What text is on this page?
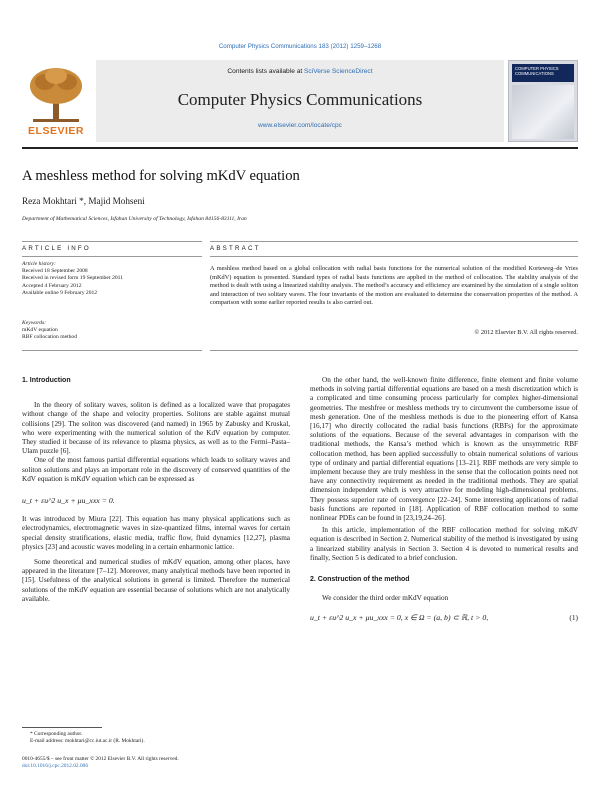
Computer Physics Communications 183 (2012) 1259–1268
ELSEVIER
Contents lists available at SciVerse ScienceDirect
Computer Physics Communications
www.elsevier.com/locate/cpc
COMPUTER PHYSICS COMMUNICATIONS
A meshless method for solving mKdV equation
Reza Mokhtari *, Majid Mohseni
Department of Mathematical Sciences, Isfahan University of Technology, Isfahan 84156-83111, Iran
ARTICLE INFO
Article history:
Received 18 September 2008
Received in revised form 19 September 2011
Accepted 4 February 2012
Available online 9 February 2012
Keywords:
mKdV equation
RBF collocation method
ABSTRACT
A meshless method based on a global collocation with radial basis functions for the numerical solution of the modified Korteweg–de Vries (mKdV) equation is presented. Standard types of radial basis functions are applied in the method of collocation. The stability analysis of the method is dealt with using a linearized stability analysis. The method’s accuracy and efficiency are examined by the simulation of a single soliton and interaction of two solitary waves. The four invariants of the motion are evaluated to determine the conservation properties of the method. A comparison with some earlier reported results is also carried out.
© 2012 Elsevier B.V. All rights reserved.
1. Introduction

In the theory of solitary waves, soliton is defined as a localized wave that propagates without change of the shape and velocity properties. Solitons are stable against mutual collisions [29]. The soliton was discovered (and named) in 1965 by Zabusky and Kruskal, who were experimenting with the numerical solution of the KdV equation by computer. They studied it because of its relevance to plasma physics, as well as to the Fermi–Pasta–Ulam puzzle [6].

One of the most famous partial differential equations which leads to solitary waves and soliton solutions and plays an important role in the discovery of conserved quantities of the KdV equation is mKdV equation which can be expressed as

u_t + εu^2 u_x + μu_xxx = 0.

It was introduced by Miura [22]. This equation has many physical applications such as electrodynamics, electromagnetic waves in size-quantized films, internal waves for certain special density stratifications, elastic media, traffic flow, fluid dynamics [12,27], plasma physics [23] and acoustic waves modeling in a certain enharmonic lattice.

Some theoretical and numerical studies of mKdV equation, among other places, have appeared in the literature [7–12]. Moreover, many analytical methods have been reported in [15]. Usefulness of the analytical solutions in general is limited. Therefore the numerical solutions of the mKdV equation are essential because of solutions which are not analytically available.

On the other hand, the well-known finite difference, finite element and finite volume methods in solving partial differential equations are based on a mesh discretization which is a complicated and time consuming process particularly for complex higher-dimensional geometries. The meshfree or meshless methods try to circumvent the cumbersome issue of mesh generation. One of the meshless methods is due to the pioneering effort of Kansa [16,17] who directly collocated the radial basis functions (RBFs) for the approximate solutions of the equations. Because of the several advantages in comparison with the traditional methods, the Kansa’s method which is known as the unsymmetric RBF collocation method, has been applied successfully to obtain numerical solutions of various type of ordinary and partial differential equations [13–21]. RBF methods are very simple to implement because they are truly meshless in the sense that the collocation points need not have any connectivity requirement as needed in the traditional methods. They are spatial dimension independent which is very attractive for modeling high-dimensional problems. They possess superior rate of convergence [22–24]. Some interesting applications of radial basis functions are reported in [18]. Application of RBF collocation method to some nonlinear PDEs can be found in [23,19,24–26].

In this article, implementation of the RBF collocation method for solving mKdV equation is described in Section 2. Numerical stability of the method is investigated by using a linearized stability analysis in Section 3. Section 4 is devoted to numerical results and finally, Section 5 is dedicated to a brief conclusion.

2. Construction of the method

We consider the third order mKdV equation

u_t + εu^2 u_x + μu_xxx = 0, x ∈ Ω = (a, b) ⊂ ℝ, t > 0,	(1)
* Corresponding author.
E-mail address: mokhtari@cc.iut.ac.ir (R. Mokhtari).
0010-4655/$ – see front matter © 2012 Elsevier B.V. All rights reserved.
doi:10.1016/j.cpc.2012.02.006
